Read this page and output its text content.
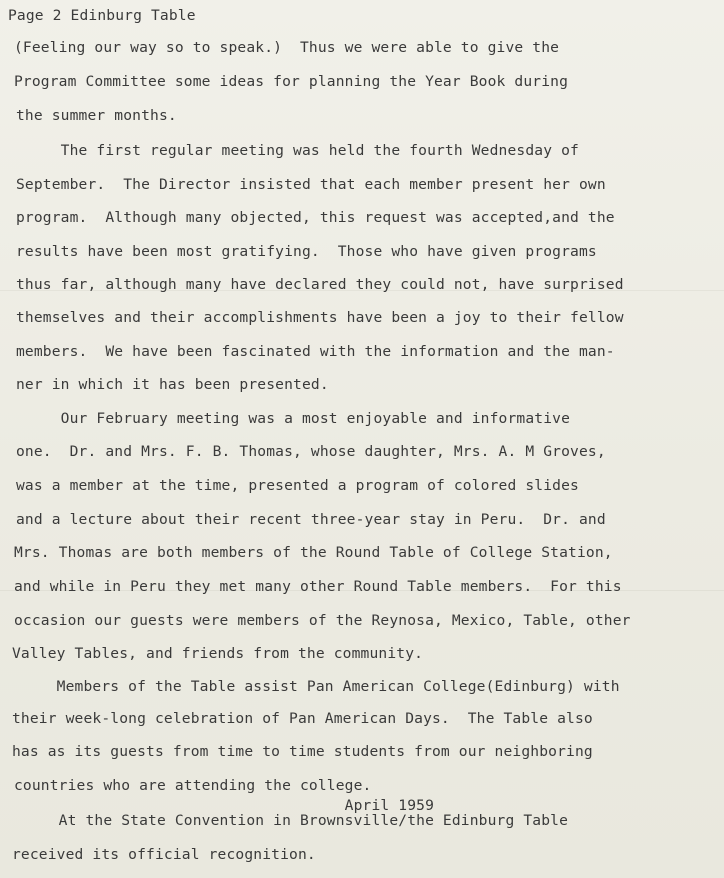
Page 2 Edinburg Table

(Feeling our way so to speak.)  Thus we were able to give the

Program Committee some ideas for planning the Year Book during

the summer months.

The first regular meeting was held the fourth Wednesday of

September.  The Director insisted that each member present her own

program.  Although many objected, this request was accepted,and the

results have been most gratifying.  Those who have given programs

thus far, although many have declared they could not, have surprised

themselves and their accomplishments have been a joy to their fellow

members.  We have been fascinated with the information and the man-

ner in which it has been presented.

Our February meeting was a most enjoyable and informative

one.  Dr. and Mrs. F. B. Thomas, whose daughter, Mrs. A. M Groves,

was a member at the time, presented a program of colored slides

and a lecture about their recent three-year stay in Peru.  Dr. and

Mrs. Thomas are both members of the Round Table of College Station,

and while in Peru they met many other Round Table members.  For this

occasion our guests were members of the Reynosa, Mexico, Table, other

Valley Tables, and friends from the community.

Members of the Table assist Pan American College(Edinburg) with

their week-long celebration of Pan American Days.  The Table also

has as its guests from time to time students from our neighboring

countries who are attending the college.

April 1959

At the State Convention in Brownsville/the Edinburg Table

received its official recognition.
